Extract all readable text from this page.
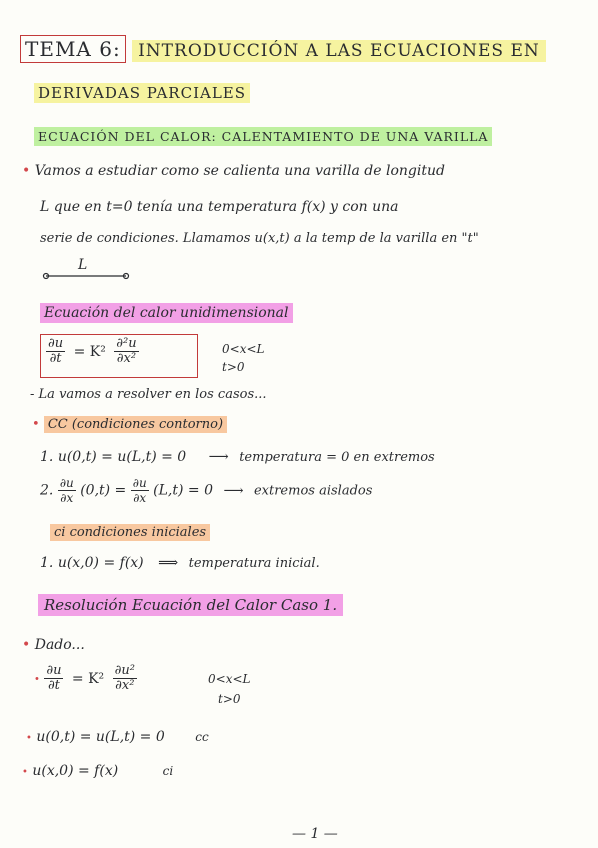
TEMA 6: INTRODUCCIÓN A LAS ECUACIONES EN
DERIVADAS PARCIALES
ECUACIÓN DEL CALOR: CALENTAMIENTO DE UNA VARILLA
• Vamos a estudiar como se calienta una varilla de longitud
L que en t=0 tenía una temperatura f(x) y con una
serie de condiciones. Llamamos u(x,t) a la temp de la varilla en "t"
L
Ecuación del calor unidimensional
$\frac{\partial u}{\partial t} = K^2 \frac{\text{∂²u}}{\text{∂x²}}$	0<x<L
t>0
- La vamos a resolver en los casos...
• CC (condiciones contorno)
1. u(0,t) = u(L,t) = 0 ⟶ temperatura = 0 en extremos
2. $\frac{\partial u}{\partial x} (0,t) = \frac{\partial u}{\partial x} (L,t) = 0$ ⟶ extremos aislados
ci condiciones iniciales
1. u(x,0) = f(x) ⟹ temperatura inicial.
Resolución Ecuación del Calor Caso 1.
• Dado...
• $\frac{\partial u}{\partial t} = K^2 \frac{\text{∂u²}}{\text{∂x²}}$	0<x<L
t>0
• u(0,t) = u(L,t) = 0	cc
• u(x,0) = f(x)	ci
— 1 —
